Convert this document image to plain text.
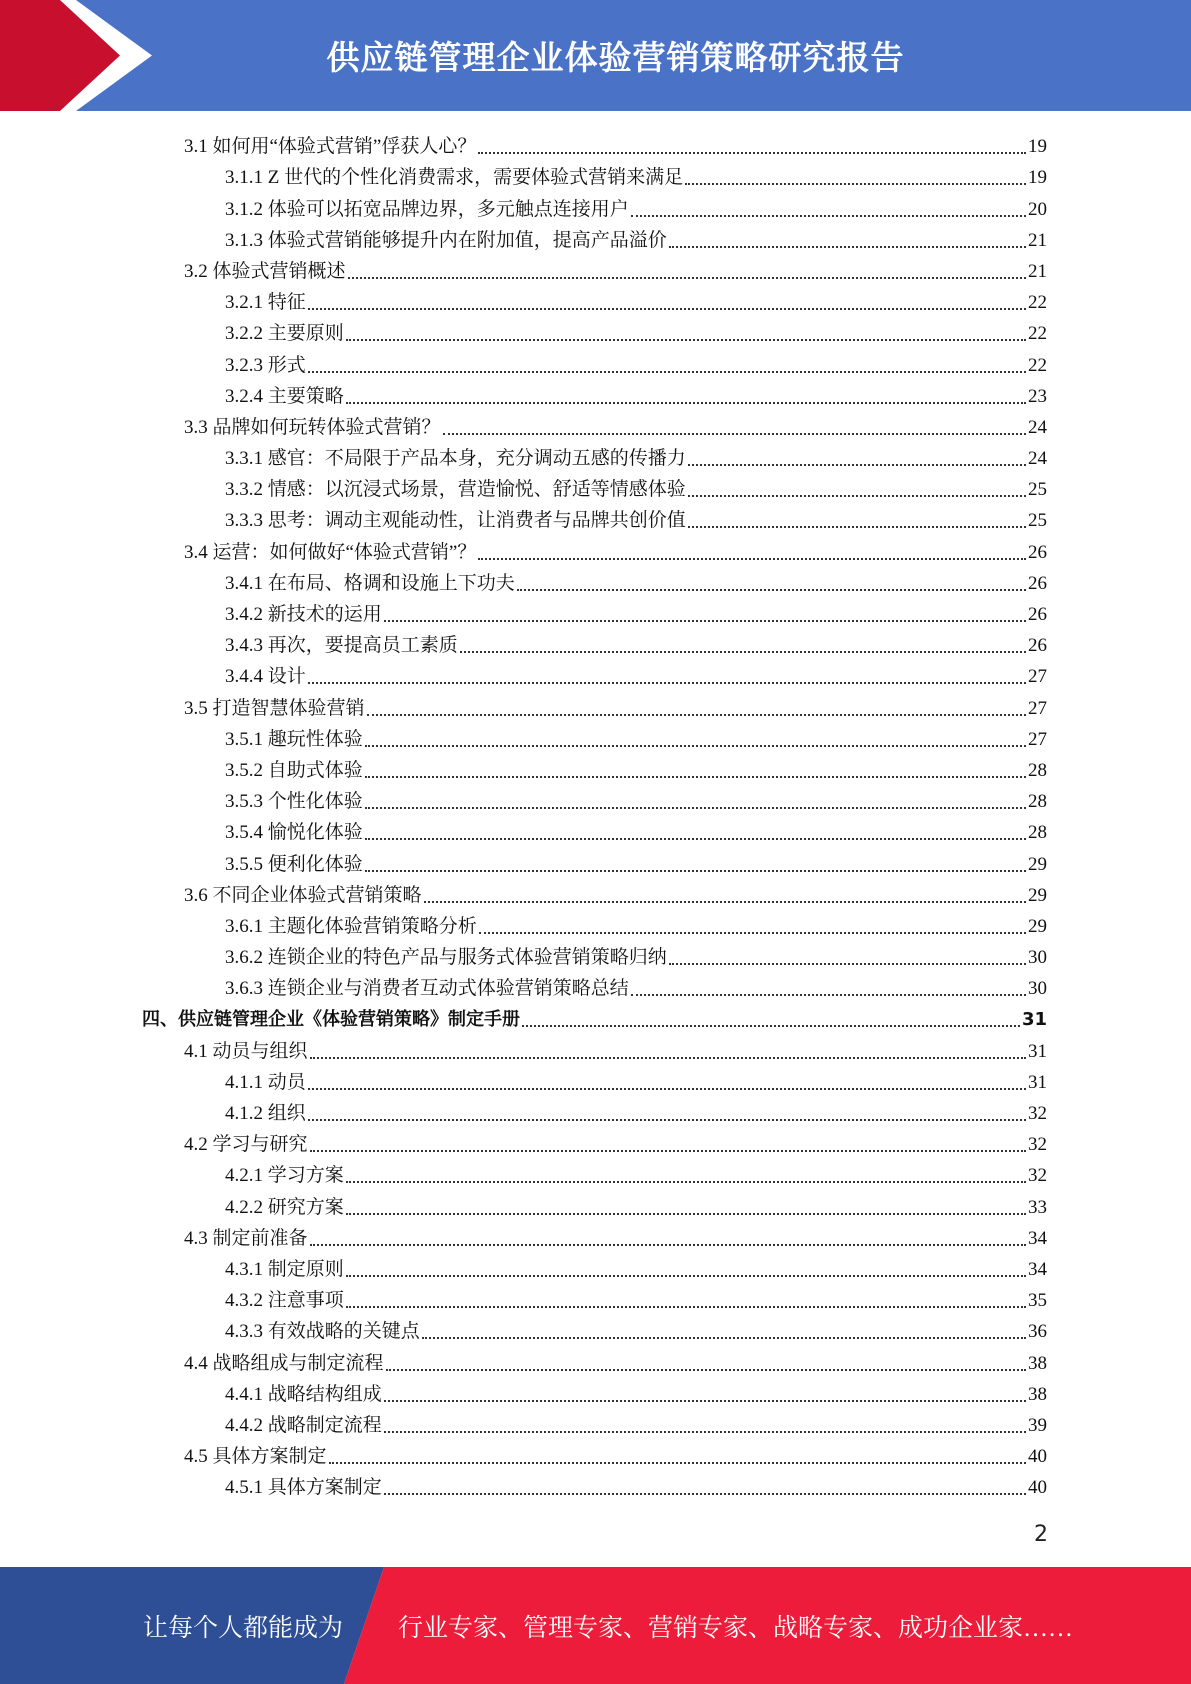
供应链管理企业体验营销策略研究报告
3.1 如何用“体验式营销”俘获人心？	19
3.1.1 Z 世代的个性化消费需求，需要体验式营销来满足	19
3.1.2 体验可以拓宽品牌边界，多元触点连接用户	20
3.1.3 体验式营销能够提升内在附加值，提高产品溢价	21
3.2 体验式营销概述	21
3.2.1 特征	22
3.2.2 主要原则	22
3.2.3 形式	22
3.2.4 主要策略	23
3.3 品牌如何玩转体验式营销？	24
3.3.1 感官：不局限于产品本身，充分调动五感的传播力	24
3.3.2 情感：以沉浸式场景，营造愉悦、舒适等情感体验	25
3.3.3 思考：调动主观能动性，让消费者与品牌共创价值	25
3.4 运营：如何做好“体验式营销”？	26
3.4.1 在布局、格调和设施上下功夫	26
3.4.2 新技术的运用	26
3.4.3 再次，要提高员工素质	26
3.4.4 设计	27
3.5 打造智慧体验营销	27
3.5.1 趣玩性体验	27
3.5.2 自助式体验	28
3.5.3 个性化体验	28
3.5.4 愉悦化体验	28
3.5.5 便利化体验	29
3.6 不同企业体验式营销策略	29
3.6.1 主题化体验营销策略分析	29
3.6.2 连锁企业的特色产品与服务式体验营销策略归纳	30
3.6.3 连锁企业与消费者互动式体验营销策略总结	30
四、供应链管理企业《体验营销策略》制定手册	31
4.1 动员与组织	31
4.1.1 动员	31
4.1.2 组织	32
4.2 学习与研究	32
4.2.1 学习方案	32
4.2.2 研究方案	33
4.3 制定前准备	34
4.3.1 制定原则	34
4.3.2 注意事项	35
4.3.3 有效战略的关键点	36
4.4 战略组成与制定流程	38
4.4.1 战略结构组成	38
4.4.2 战略制定流程	39
4.5 具体方案制定	40
4.5.1 具体方案制定	40
2
让每个人都能成为 行业专家、管理专家、营销专家、战略专家、成功企业家……
